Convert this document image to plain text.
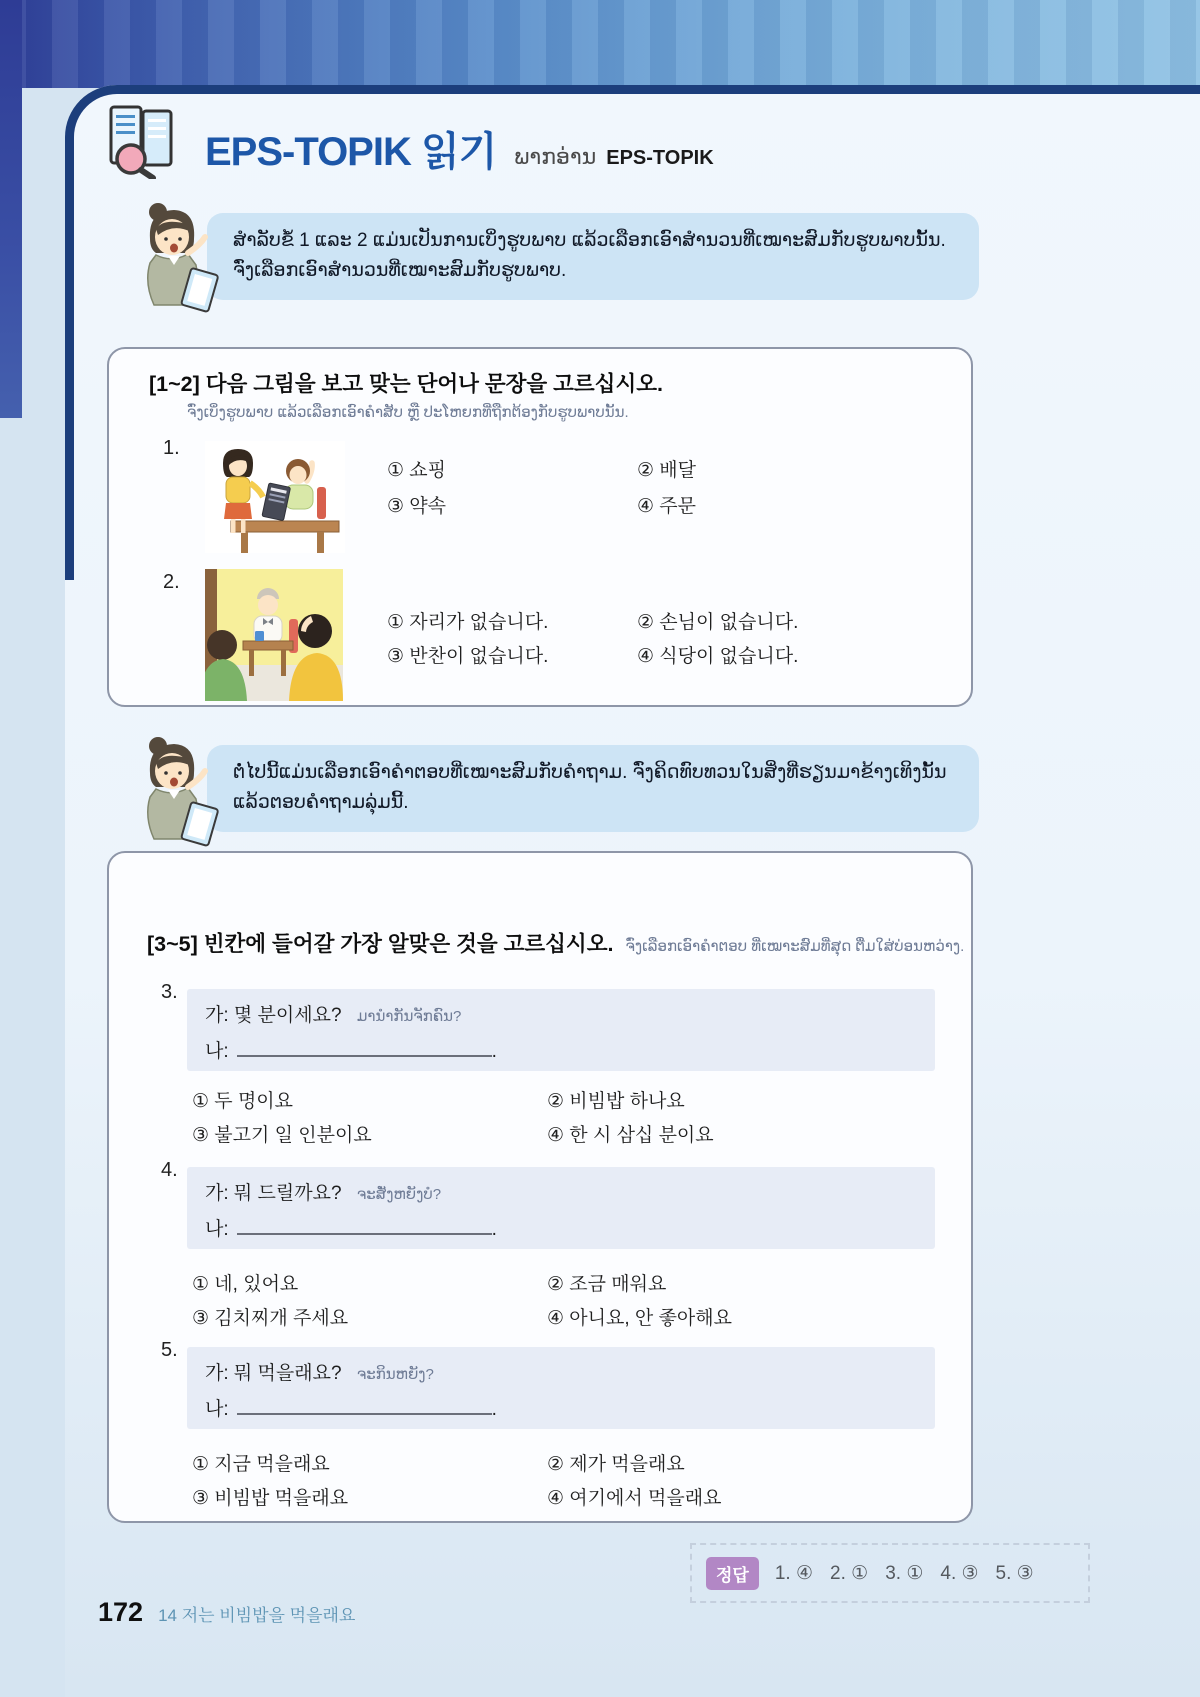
EPS-TOPIK 읽기 ພາກອ່ານ EPS-TOPIK
ສຳລັບຂໍ້ 1 ແລະ 2 ແມ່ນເປັນການເບິ່ງຮູບພາບ ແລ້ວເລືອກເອົາສຳນວນທີ່ເໝາະສົມກັບຮູບພາບນັ້ນ.
ຈົ່ງເລືອກເອົາສຳນວນທີ່ເໝາະສົມກັບຮູບພາບ.
[1~2] 다음 그림을 보고 맞는 단어나 문장을 고르십시오.
ຈົ່ງເບິ່ງຮູບພາບ ແລ້ວເລືອກເອົາຄຳສັບ ຫຼື ປະໂຫຍກທີ່ຖືກຕ້ອງກັບຮູບພາບນັ້ນ.
1.
① 쇼핑	② 배달
③ 약속	④ 주문
2.
① 자리가 없습니다.	② 손님이 없습니다.
③ 반찬이 없습니다.	④ 식당이 없습니다.
ຕໍ່ໄປນີ້ແມ່ນເລືອກເອົາຄຳຕອບທີ່ເໝາະສົມກັບຄຳຖາມ. ຈົ່ງຄິດທົບທວນໃນສິ່ງທີ່ຮຽນມາຂ້າງເທິງນັ້ນ
ແລ້ວຕອບຄຳຖາມລຸ່ມນີ້.
[3~5] 빈칸에 들어갈 가장 알맞은 것을 고르십시오. ຈົ່ງເລືອກເອົາຄຳຕອບ ທີ່ເໝາະສົມທີ່ສຸດ ຕື່ມໃສ່ບ່ອນຫວ່າງ.
3.
가: 몇 분이세요? ມານຳກັນຈັກຄົນ?
나:	.
① 두 명이요	② 비빔밥 하나요
③ 불고기 일 인분이요	④ 한 시 삼십 분이요
4.
가: 뭐 드릴까요? ຈະສັ່ງຫຍັງບໍ?
나:	.
① 네, 있어요	② 조금 매워요
③ 김치찌개 주세요	④ 아니요, 안 좋아해요
5.
가: 뭐 먹을래요? ຈະກິນຫຍັງ?
나:	.
① 지금 먹을래요	② 제가 먹을래요
③ 비빔밥 먹을래요	④ 여기에서 먹을래요
정답	1. ④ 2. ① 3. ① 4. ③ 5. ③
172 14 저는 비빔밥을 먹을래요
